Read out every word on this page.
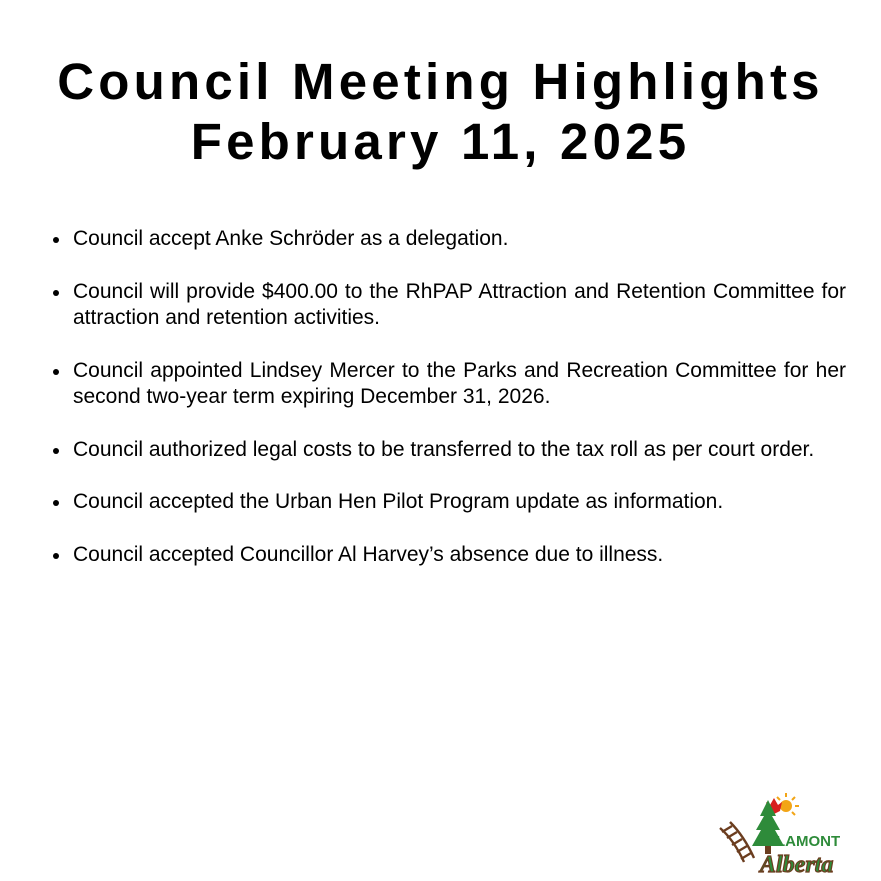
Council Meeting Highlights
February 11, 2025
Council accept Anke Schröder as a delegation.
Council will provide $400.00 to the RhPAP Attraction and Retention Committee for attraction and retention activities.
Council appointed Lindsey Mercer to the Parks and Recreation Committee for her second two-year term expiring December 31, 2026.
Council authorized legal costs to be transferred to the tax roll as per court order.
Council accepted the Urban Hen Pilot Program update as information.
Council accepted Councillor Al Harvey’s absence due to illness.
LAMONT
Alberta
